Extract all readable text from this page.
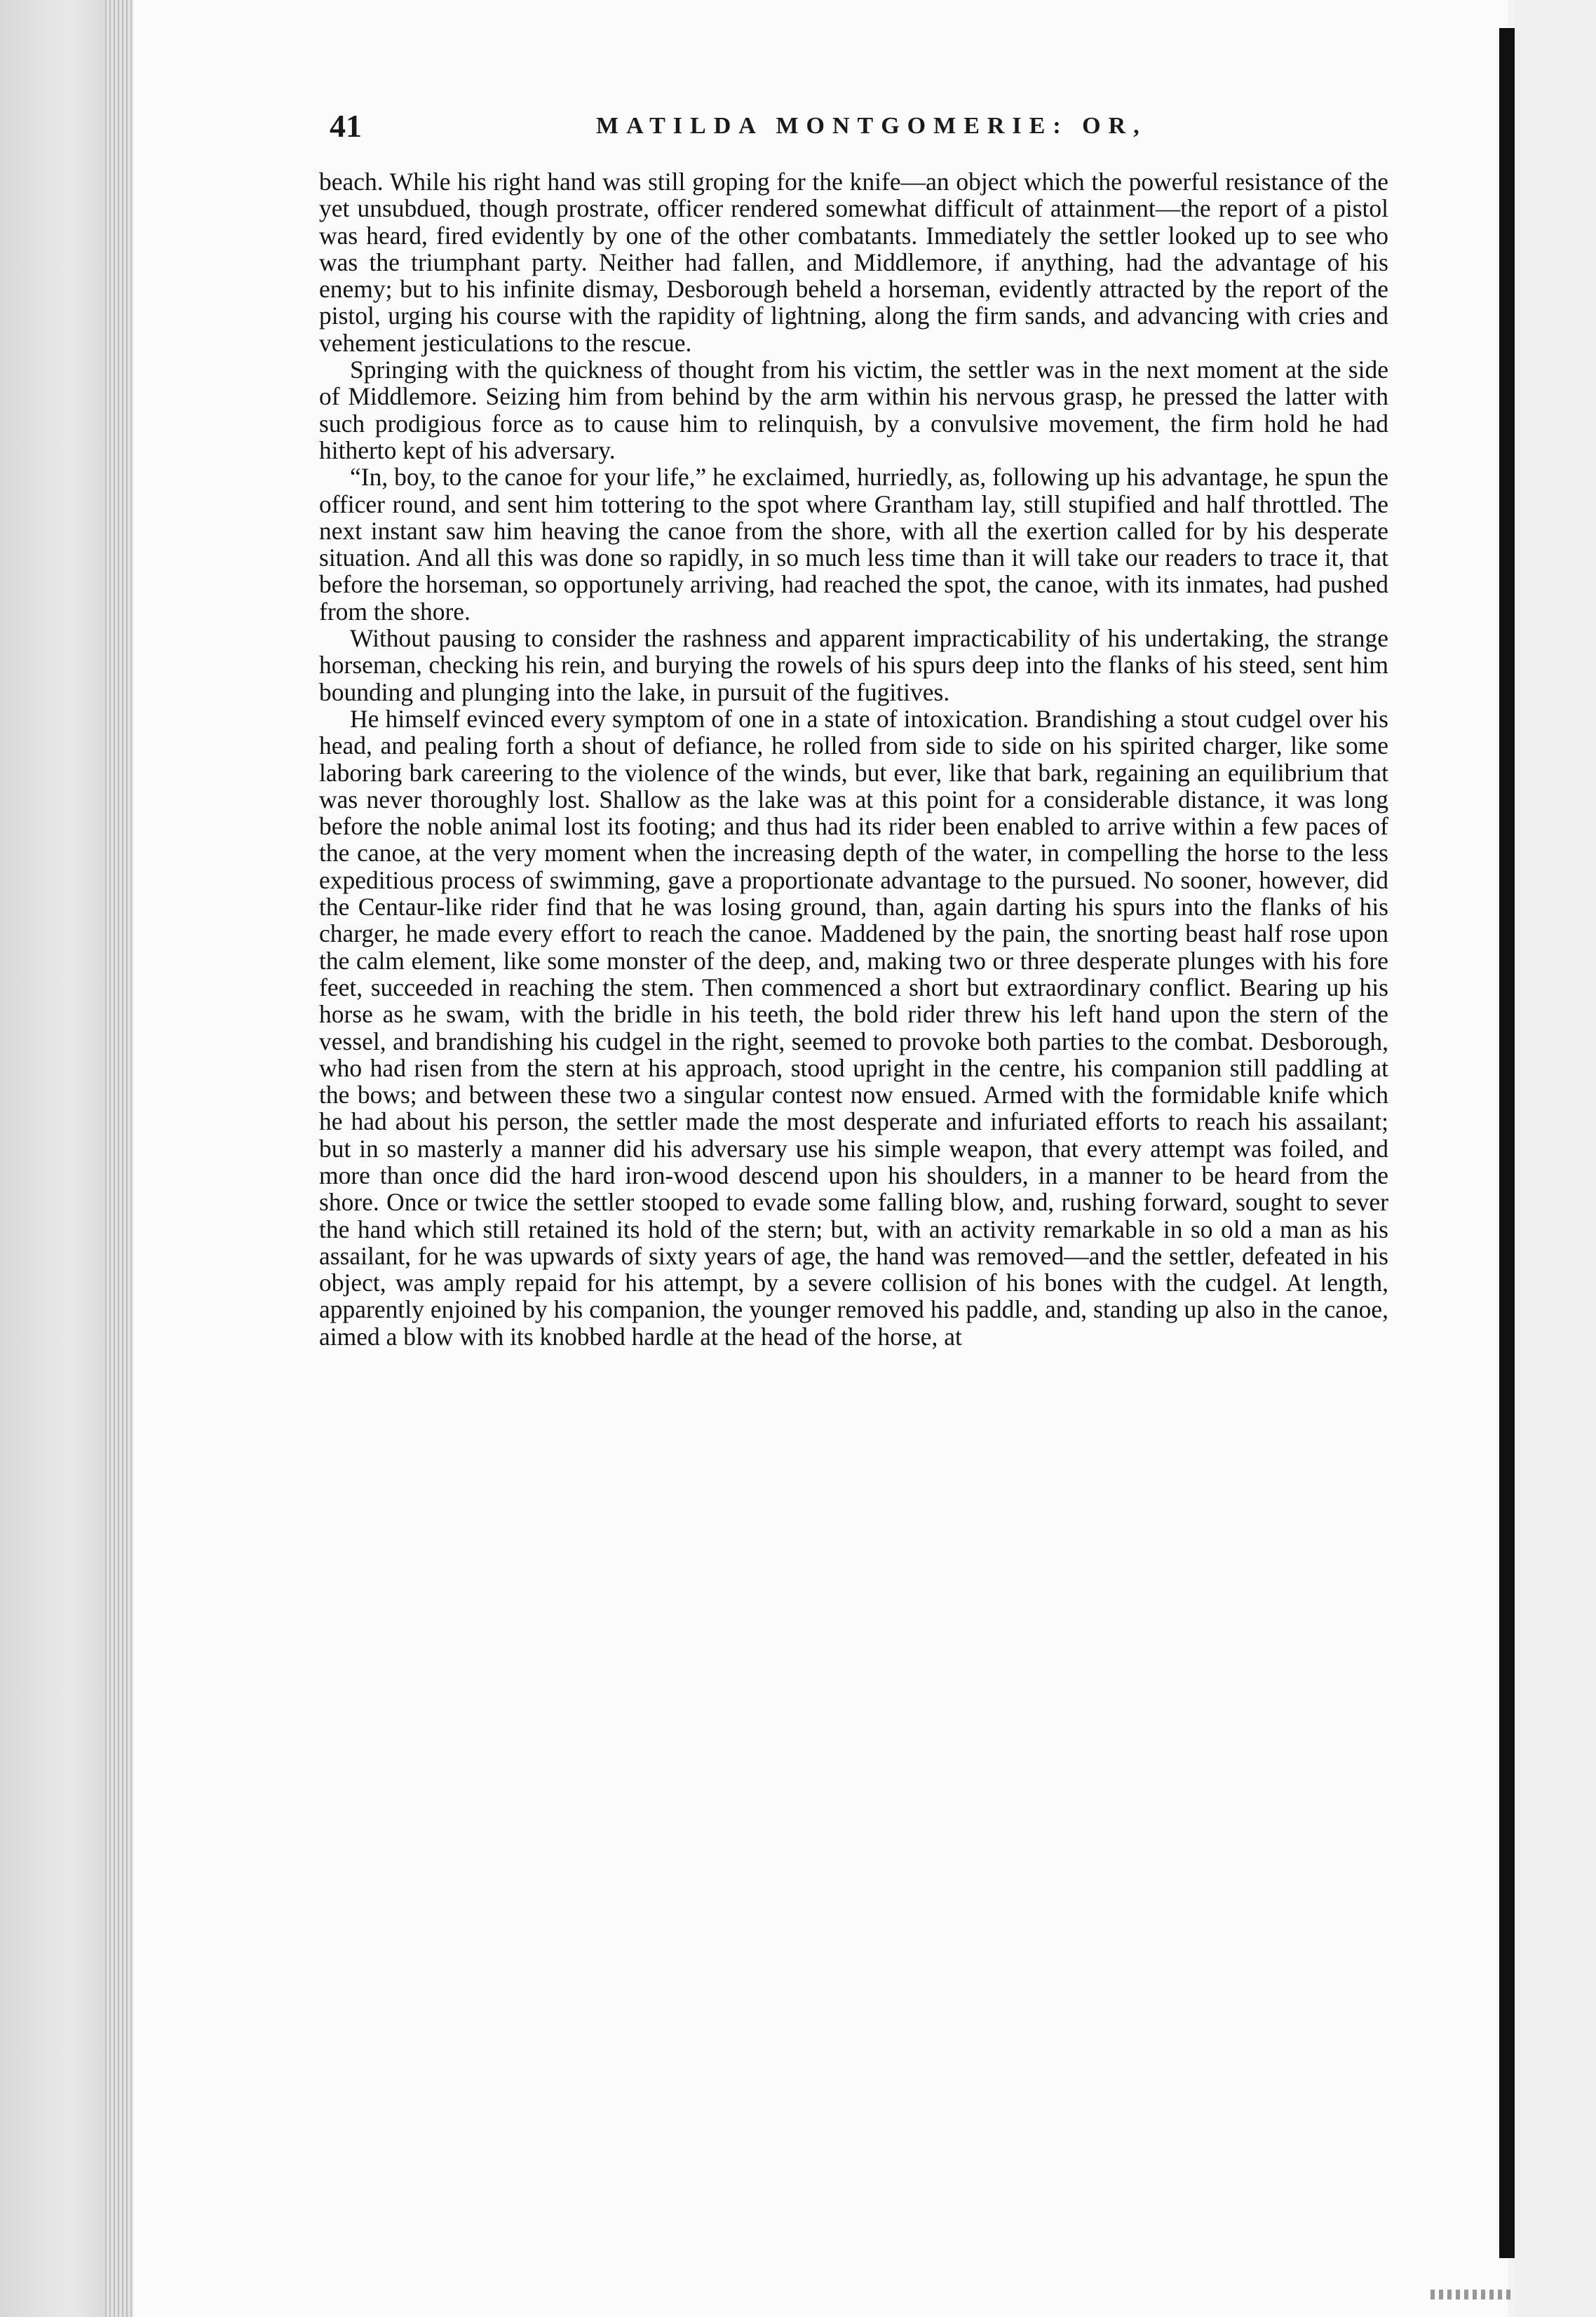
41	MATILDA MONTGOMERIE: OR,

beach. While his right hand was still groping for the knife—an object which the powerful resistance of the yet unsubdued, though prostrate, officer rendered somewhat difficult of attainment—the report of a pistol was heard, fired evidently by one of the other combatants. Immediately the settler looked up to see who was the triumphant party. Neither had fallen, and Middlemore, if anything, had the advantage of his enemy; but to his infinite dismay, Desborough beheld a horseman, evidently attracted by the report of the pistol, urging his course with the rapidity of lightning, along the firm sands, and advancing with cries and vehement jesticulations to the rescue.

Springing with the quickness of thought from his victim, the settler was in the next moment at the side of Middlemore. Seizing him from behind by the arm within his nervous grasp, he pressed the latter with such prodigious force as to cause him to relinquish, by a convulsive movement, the firm hold he had hitherto kept of his adversary.

“In, boy, to the canoe for your life,” he exclaimed, hurriedly, as, following up his advantage, he spun the officer round, and sent him tottering to the spot where Grantham lay, still stupified and half throttled. The next instant saw him heaving the canoe from the shore, with all the exertion called for by his desperate situation. And all this was done so rapidly, in so much less time than it will take our readers to trace it, that before the horseman, so opportunely arriving, had reached the spot, the canoe, with its inmates, had pushed from the shore.

Without pausing to consider the rashness and apparent impracticability of his undertaking, the strange horseman, checking his rein, and burying the rowels of his spurs deep into the flanks of his steed, sent him bounding and plunging into the lake, in pursuit of the fugitives.

He himself evinced every symptom of one in a state of intoxication. Brandishing a stout cudgel over his head, and pealing forth a shout of defiance, he rolled from side to side on his spirited charger, like some laboring bark careering to the violence of the winds, but ever, like that bark, regaining an equilibrium that was never thoroughly lost. Shallow as the lake was at this point for a considerable distance, it was long before the noble animal lost its footing; and thus had its rider been enabled to arrive within a few paces of the canoe, at the very moment when the increasing depth of the water, in compelling the horse to the less expeditious process of swimming, gave a proportionate advantage to the pursued. No sooner, however, did the Centaur-like rider find that he was losing ground, than, again darting his spurs into the flanks of his charger, he made every effort to reach the canoe. Maddened by the pain, the snorting beast half rose upon the calm element, like some monster of the deep, and, making two or three desperate plunges with his fore feet, succeeded in reaching the stem. Then commenced a short but extraordinary conflict. Bearing up his horse as he swam, with the bridle in his teeth, the bold rider threw his left hand upon the stern of the vessel, and brandishing his cudgel in the right, seemed to provoke both parties to the combat. Desborough, who had risen from the stern at his approach, stood upright in the centre, his companion still paddling at the bows; and between these two a singular contest now ensued. Armed with the formidable knife which he had about his person, the settler made the most desperate and infuriated efforts to reach his assailant; but in so masterly a manner did his adversary use his simple weapon, that every attempt was foiled, and more than once did the hard iron-wood descend upon his shoulders, in a manner to be heard from the shore. Once or twice the settler stooped to evade some falling blow, and, rushing forward, sought to sever the hand which still retained its hold of the stern; but, with an activity remarkable in so old a man as his assailant, for he was upwards of sixty years of age, the hand was removed—and the settler, defeated in his object, was amply repaid for his attempt, by a severe collision of his bones with the cudgel. At length, apparently enjoined by his companion, the younger removed his paddle, and, standing up also in the canoe, aimed a blow with its knobbed hardle at the head of the horse, at
